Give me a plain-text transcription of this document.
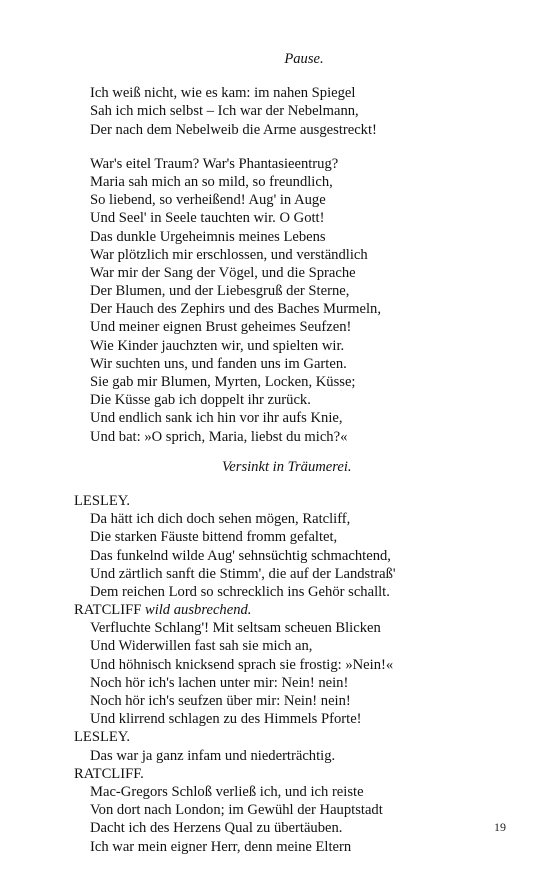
Pause.
Ich weiß nicht, wie es kam: im nahen Spiegel
Sah ich mich selbst – Ich war der Nebelmann,
Der nach dem Nebelweib die Arme ausgestreckt!
War's eitel Traum? War's Phantasieentrug?
Maria sah mich an so mild, so freundlich,
So liebend, so verheißend! Aug' in Auge
Und Seel' in Seele tauchten wir. O Gott!
Das dunkle Urgeheimnis meines Lebens
War plötzlich mir erschlossen, und verständlich
War mir der Sang der Vögel, und die Sprache
Der Blumen, und der Liebesgruß der Sterne,
Der Hauch des Zephirs und des Baches Murmeln,
Und meiner eignen Brust geheimes Seufzen!
Wie Kinder jauchzten wir, und spielten wir.
Wir suchten uns, und fanden uns im Garten.
Sie gab mir Blumen, Myrten, Locken, Küsse;
Die Küsse gab ich doppelt ihr zurück.
Und endlich sank ich hin vor ihr aufs Knie,
Und bat: »O sprich, Maria, liebst du mich?«
Versinkt in Träumerei.
LESLEY.
Da hätt ich dich doch sehen mögen, Ratcliff,
Die starken Fäuste bittend fromm gefaltet,
Das funkelnd wilde Aug' sehnsüchtig schmachtend,
Und zärtlich sanft die Stimm', die auf der Landstraß'
Dem reichen Lord so schrecklich ins Gehör schallt.
RATCLIFF wild ausbrechend.
Verfluchte Schlang'! Mit seltsam scheuen Blicken
Und Widerwillen fast sah sie mich an,
Und höhnisch knicksend sprach sie frostig: »Nein!«
Noch hör ich's lachen unter mir: Nein! nein!
Noch hör ich's seufzen über mir: Nein! nein!
Und klirrend schlagen zu des Himmels Pforte!
LESLEY.
Das war ja ganz infam und niederträchtig.
RATCLIFF.
Mac-Gregors Schloß verließ ich, und ich reiste
Von dort nach London; im Gewühl der Hauptstadt
Dacht ich des Herzens Qual zu übertäuben.
Ich war mein eigner Herr, denn meine Eltern
19
